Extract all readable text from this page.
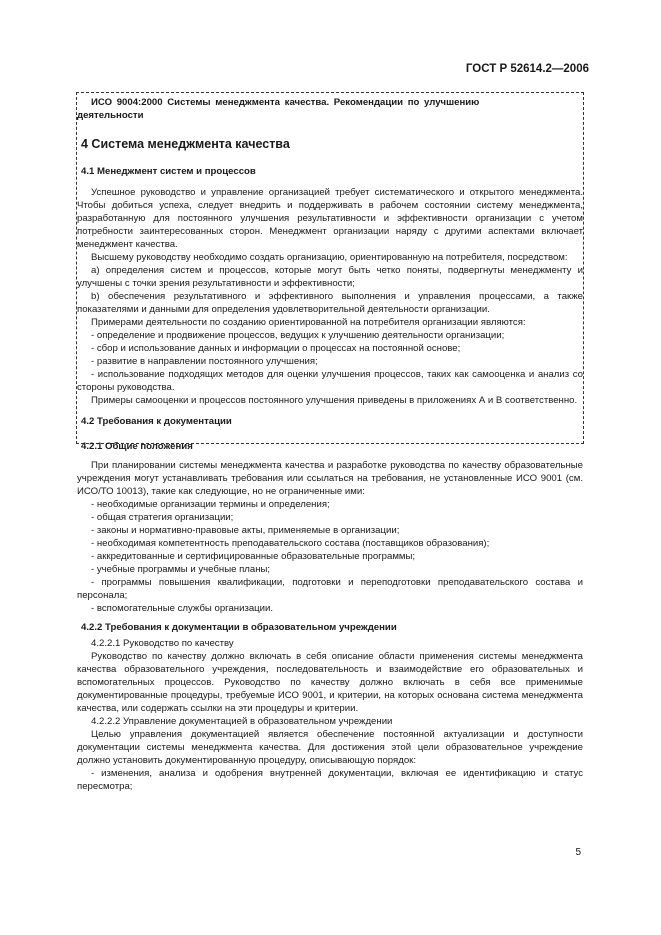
ГОСТ Р 52614.2—2006

ИСО 9004:2000 Системы менеджмента качества. Рекомендации по улучшению

деятельности

4 Система менеджмента качества

4.1 Менеджмент систем и процессов

Успешное руководство и управление организацией требует систематического и открытого менеджмента. Чтобы добиться успеха, следует внедрить и поддерживать в рабочем состоянии систему менеджмента, разработанную для постоянного улучшения результативности и эффективности организации с учетом потребности заинтересованных сторон. Менеджмент организации наряду с другими аспектами включает менеджмент качества.

Высшему руководству необходимо создать организацию, ориентированную на потребителя, посредством:

а) определения систем и процессов, которые могут быть четко поняты, подвергнуты менеджменту и улучшены с точки зрения результативности и эффективности;

b) обеспечения результативного и эффективного выполнения и управления процессами, а также показателями и данными для определения удовлетворительной деятельности организации.

Примерами деятельности по созданию ориентированной на потребителя организации являются:

- определение и продвижение процессов, ведущих к улучшению деятельности организации;

- сбор и использование данных и информации о процессах на постоянной основе;

- развитие в направлении постоянного улучшения;

- использование подходящих методов для оценки улучшения процессов, таких как самооценка и анализ со стороны руководства.

Примеры самооценки и процессов постоянного улучшения приведены в приложениях А и В соответственно.

4.2 Требования к документации

4.2.1 Общие положения

При планировании системы менеджмента качества и разработке руководства по качеству образовательные учреждения могут устанавливать требования или ссылаться на требования, не установленные ИСО 9001 (см. ИСО/ТО 10013), такие как следующие, но не ограниченные ими:

- необходимые организации термины и определения;

- общая стратегия организации;

- законы и нормативно-правовые акты, применяемые в организации;

- необходимая компетентность преподавательского состава (поставщиков образования);

- аккредитованные и сертифицированные образовательные программы;

- учебные программы и учебные планы;

- программы повышения квалификации, подготовки и переподготовки преподавательского состава и персонала;

- вспомогательные службы организации.

4.2.2 Требования к документации в образовательном учреждении

4.2.2.1 Руководство по качеству

Руководство по качеству должно включать в себя описание области применения системы менеджмента качества образовательного учреждения, последовательность и взаимодействие его образовательных и вспомогательных процессов. Руководство по качеству должно включать в себя все применимые документированные процедуры, требуемые ИСО 9001, и критерии, на которых основана система менеджмента качества, или содержать ссылки на эти процедуры и критерии.

4.2.2.2 Управление документацией в образовательном учреждении

Целью управления документацией является обеспечение постоянной актуализации и доступности документации системы менеджмента качества. Для достижения этой цели образовательное учреждение должно установить документированную процедуру, описывающую порядок:

- изменения, анализа и одобрения внутренней документации, включая ее идентификацию и статус пересмотра;

5
